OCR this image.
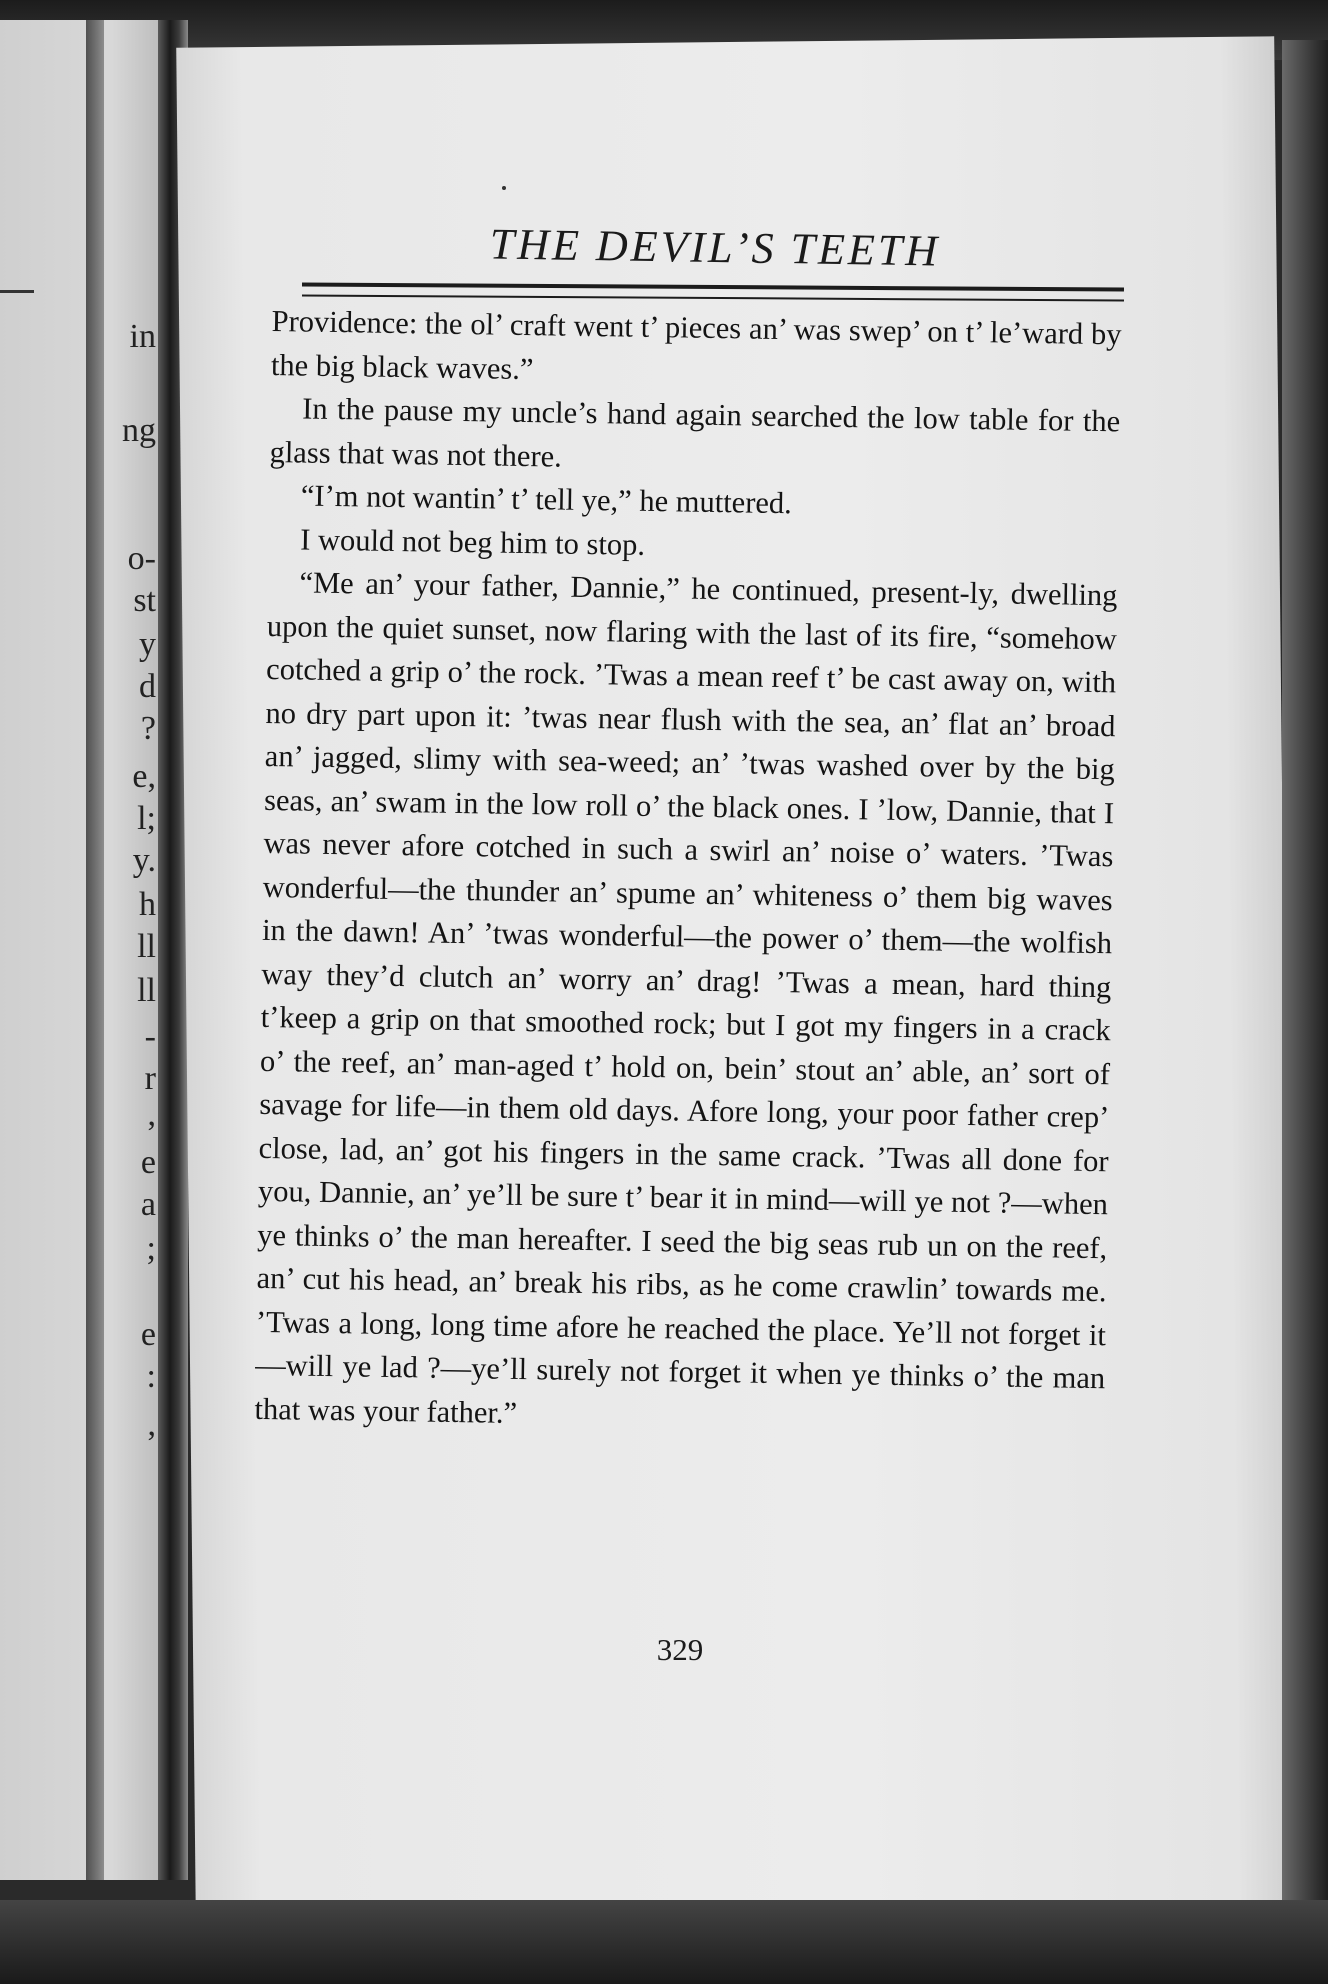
in
ng
o-
st
y
d
?
e,
l;
y.
h
ll
ll
-
r
,
e
a
;
e
:
,
THE DEVIL’S TEETH

Providence: the ol’ craft went t’ pieces an’ was swep’ on t’ le’ward by the big black waves.”

In the pause my uncle’s hand again searched the low table for the glass that was not there.

“I’m not wantin’ t’ tell ye,” he muttered.

I would not beg him to stop.

“Me an’ your father, Dannie,” he continued, present-ly, dwelling upon the quiet sunset, now flaring with the last of its fire, “somehow cotched a grip o’ the rock. ’Twas a mean reef t’ be cast away on, with no dry part upon it: ’twas near flush with the sea, an’ flat an’ broad an’ jagged, slimy with sea-weed; an’ ’twas washed over by the big seas, an’ swam in the low roll o’ the black ones. I ’low, Dannie, that I was never afore cotched in such a swirl an’ noise o’ waters. ’Twas wonderful—the thunder an’ spume an’ whiteness o’ them big waves in the dawn! An’ ’twas wonderful—the power o’ them—the wolfish way they’d clutch an’ worry an’ drag! ’Twas a mean, hard thing t’keep a grip on that smoothed rock; but I got my fingers in a crack o’ the reef, an’ man-aged t’ hold on, bein’ stout an’ able, an’ sort of savage for life—in them old days. Afore long, your poor father crep’ close, lad, an’ got his fingers in the same crack. ’Twas all done for you, Dannie, an’ ye’ll be sure t’ bear it in mind—will ye not ?—when ye thinks o’ the man hereafter. I seed the big seas rub un on the reef, an’ cut his head, an’ break his ribs, as he come crawlin’ towards me. ’Twas a long, long time afore he reached the place. Ye’ll not forget it—will ye lad ?—ye’ll surely not forget it when ye thinks o’ the man that was your father.”

329
